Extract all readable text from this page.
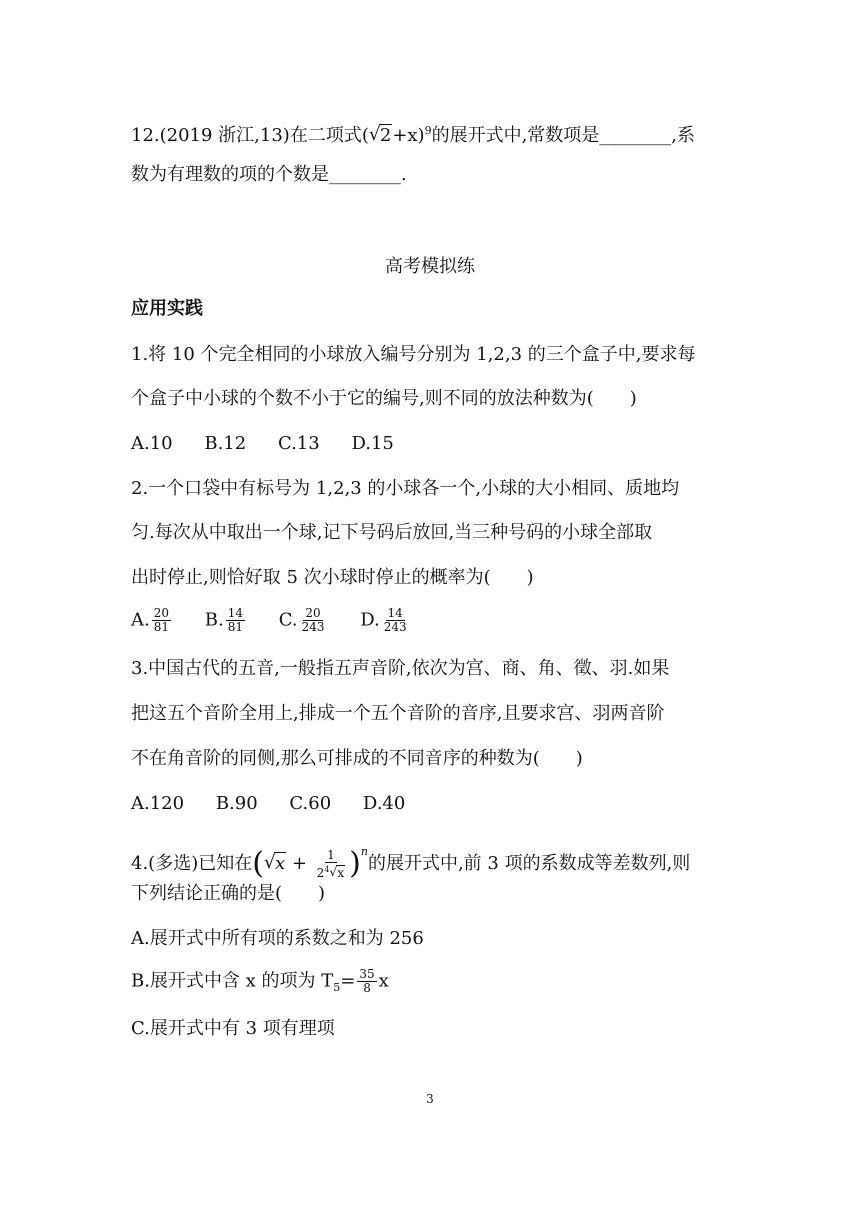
12.(2019 浙江,13)在二项式( √ 2+x)$^9$的展开式中,常数项是________,系
数为有理数的项的个数是________.
高考模拟练
应用实践
1.将 10 个完全相同的小球放入编号分别为 1,2,3 的三个盒子中,要求每
个盒子中小球的个数不小于它的编号,则不同的放法种数为(　　)
A.10 B.12 C.13 D.15
2.一个口袋中有标号为 1,2,3 的小球各一个,小球的大小相同、质地均
匀.每次从中取出一个球,记下号码后放回,当三种号码的小球全部取
出时停止,则恰好取 5 次小球时停止的概率为(　　)
A. $\frac{20}{81} B$. $\frac{14}{81} C$. $\frac{20}{243} D$. $\frac{14}{243}$
3.中国古代的五音,一般指五声音阶,依次为宫、商、角、徵、羽.如果
把这五个音阶全用上,排成一个五个音阶的音序,且要求宫、羽两音阶
不在角音阶的同侧,那么可排成的不同音序的种数为(　　)
A.120 B.90 C.60 D.40
4.(多选)已知在( √ $x + \frac{1}{2^4 √ x} )^n$的展开式中,前 3 项的系数成等差数列,则
下列结论正确的是(　　)
A.展开式中所有项的系数之和为 256
B.展开式中含 x 的项为 $T_5= \frac{35}{8}$ x
C.展开式中有 3 项有理项
3
